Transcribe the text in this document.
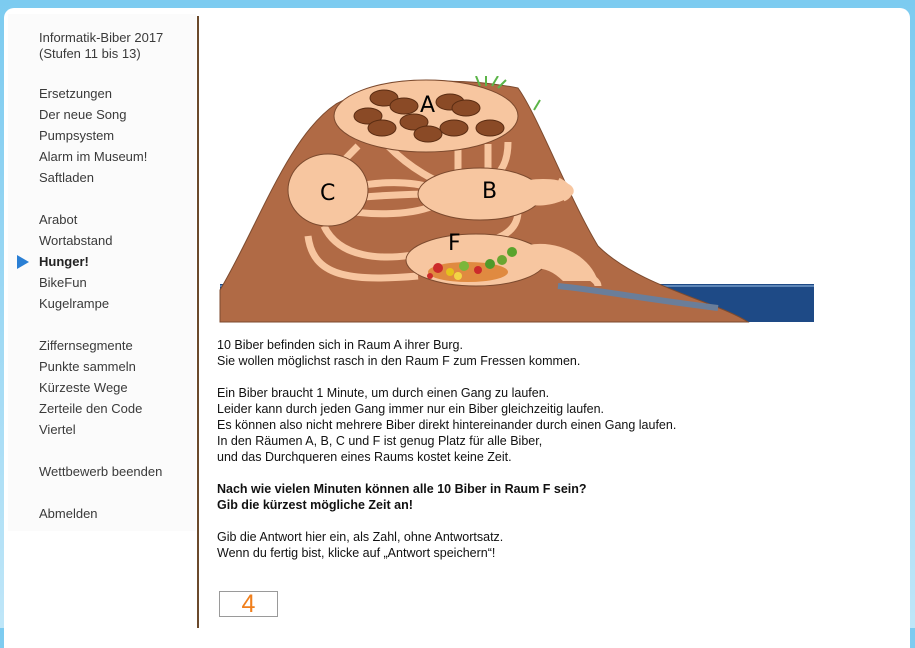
Informatik-Biber 2017
(Stufen 11 bis 13)
Ersetzungen
Der neue Song
Pumpsystem
Alarm im Museum!
Saftladen
Arabot
Wortabstand
Hunger!
BikeFun
Kugelrampe
Ziffernsegmente
Punkte sammeln
Kürzeste Wege
Zerteile den Code
Viertel
Wettbewerb beenden
Abmelden
A
B
C
F

10 Biber befinden sich in Raum A ihrer Burg.
Sie wollen möglichst rasch in den Raum F zum Fressen kommen.

Ein Biber braucht 1 Minute, um durch einen Gang zu laufen.
Leider kann durch jeden Gang immer nur ein Biber gleichzeitig laufen.
Es können also nicht mehrere Biber direkt hintereinander durch einen Gang laufen.
In den Räumen A, B, C und F ist genug Platz für alle Biber,
und das Durchqueren eines Raums kostet keine Zeit.

Nach wie vielen Minuten können alle 10 Biber in Raum F sein?
Gib die kürzest mögliche Zeit an!

Gib die Antwort hier ein, als Zahl, ohne Antwortsatz.
Wenn du fertig bist, klicke auf „Antwort speichern“!

4
